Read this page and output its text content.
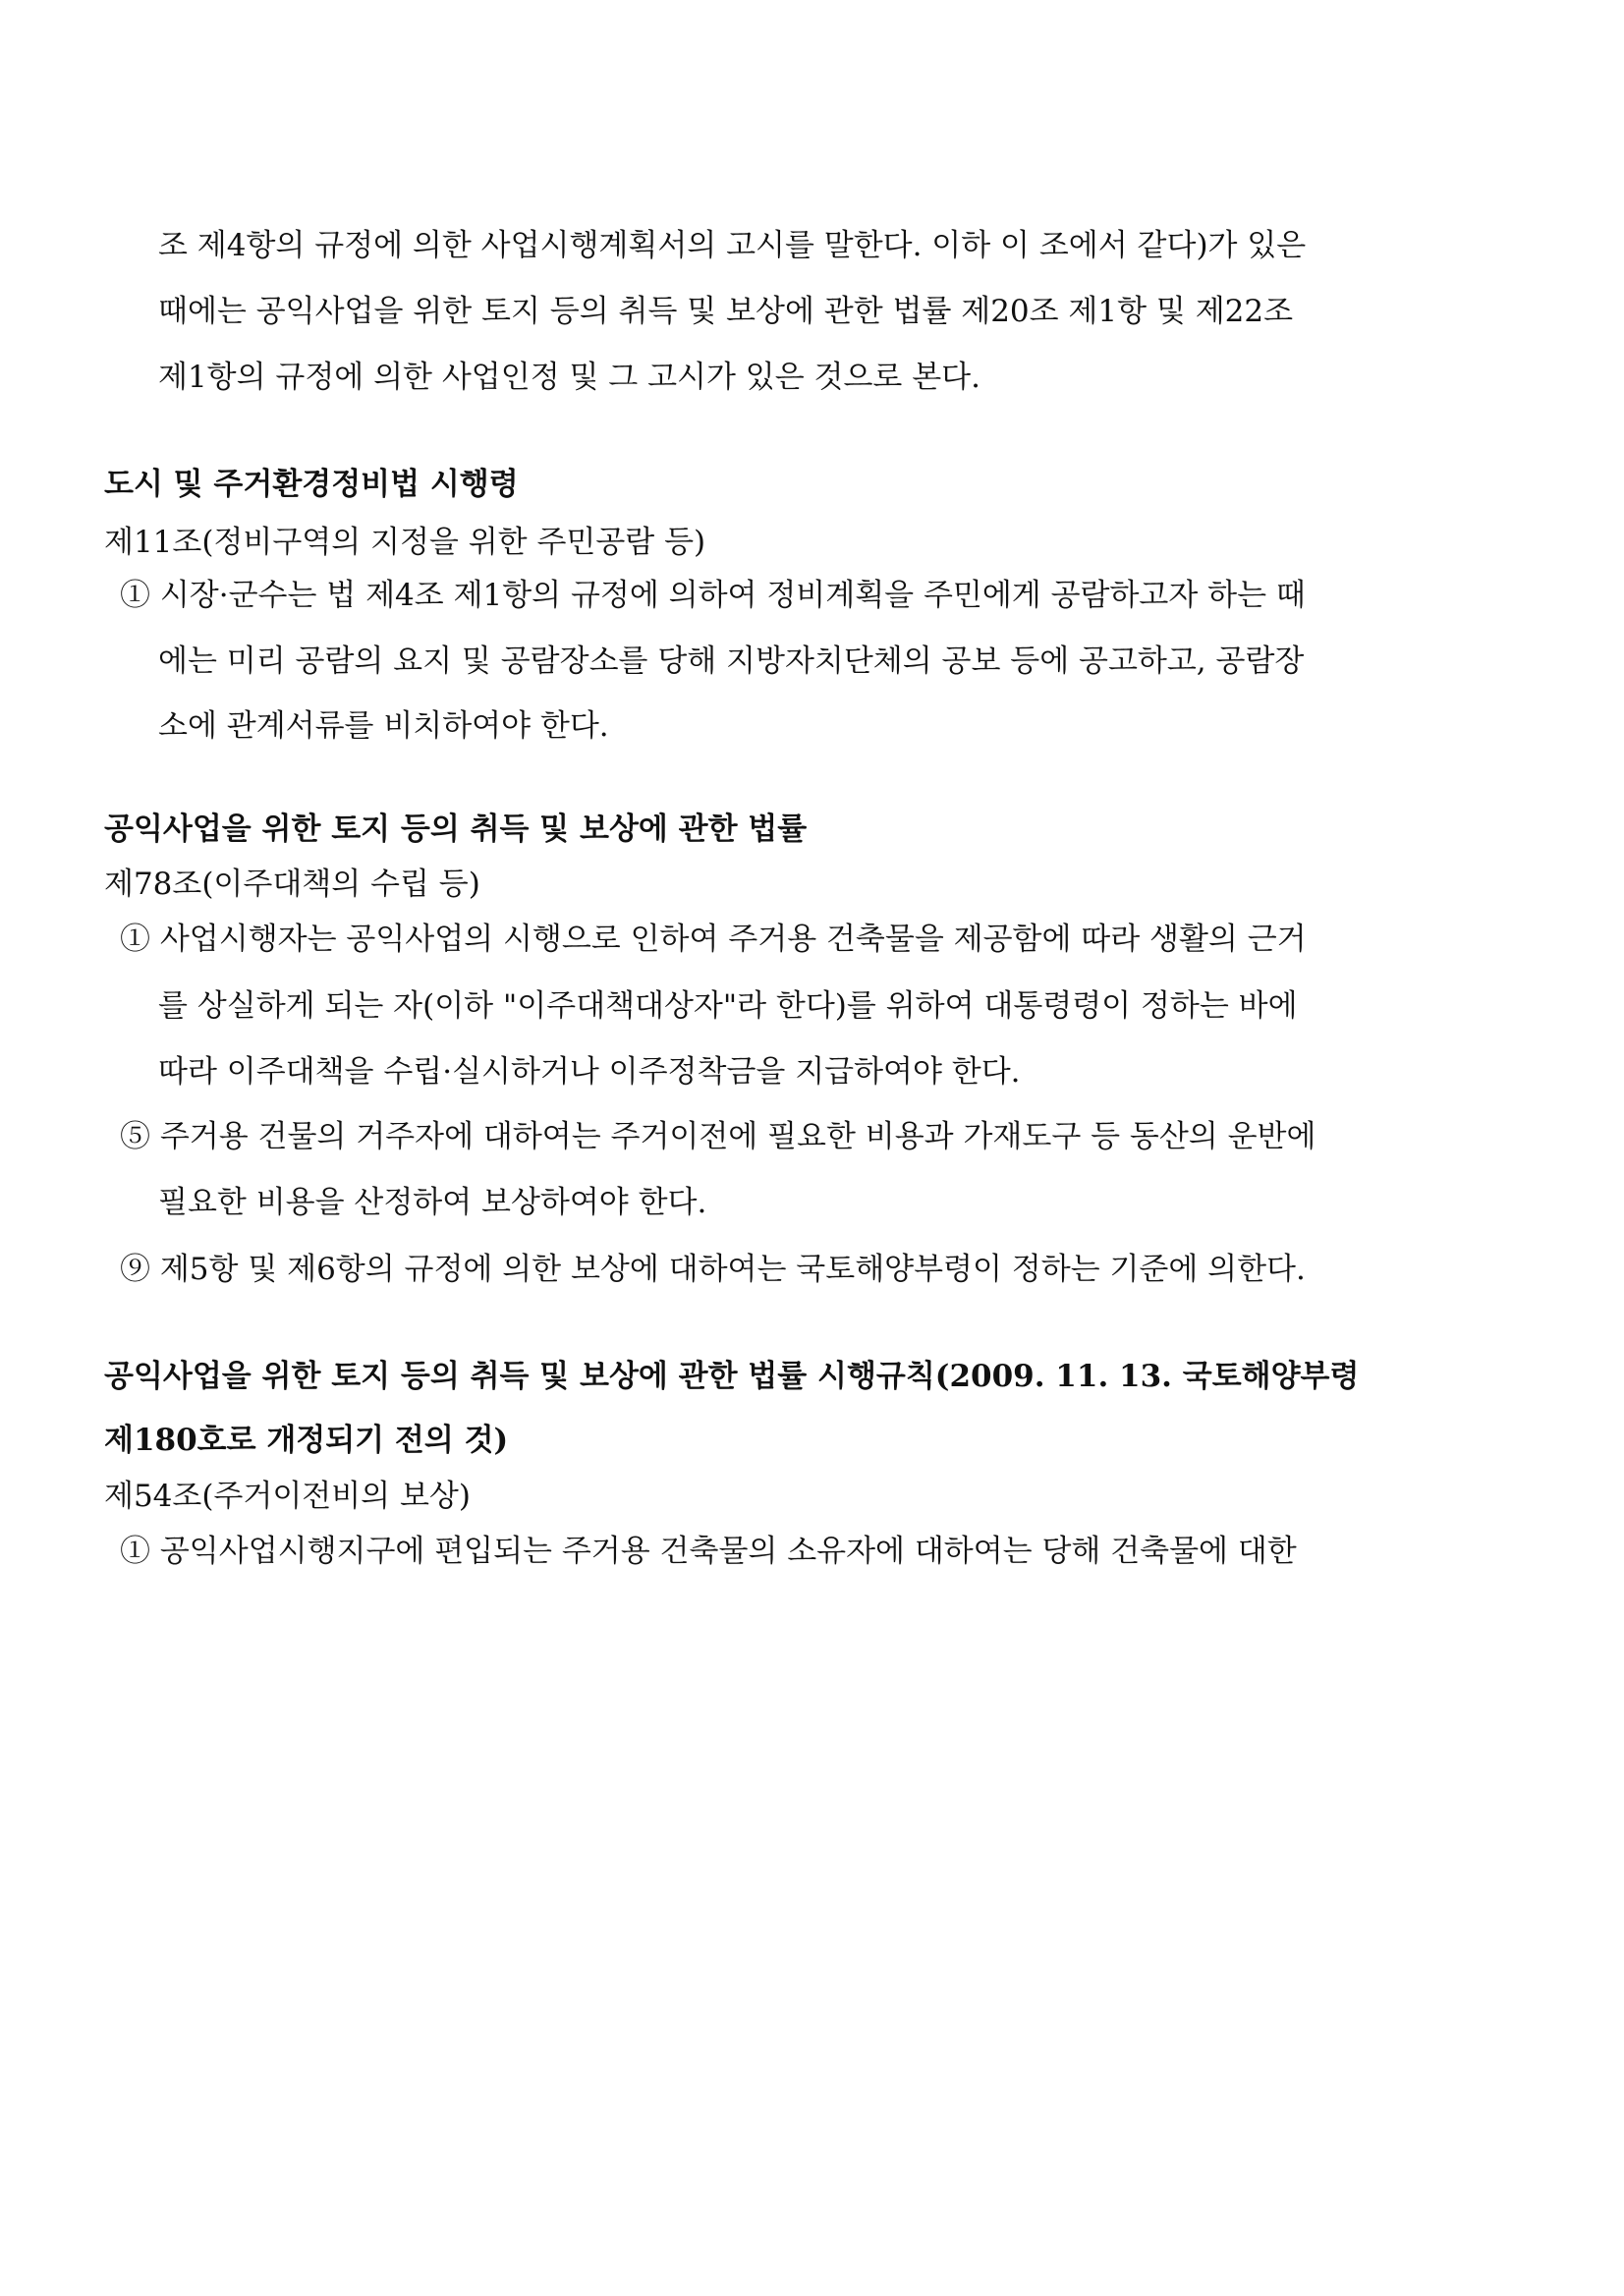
조 제4항의 규정에 의한 사업시행계획서의 고시를 말한다. 이하 이 조에서 같다)가 있은
때에는 공익사업을 위한 토지 등의 취득 및 보상에 관한 법률 제20조 제1항 및 제22조
제1항의 규정에 의한 사업인정 및 그 고시가 있은 것으로 본다.
도시 및 주거환경정비법 시행령
제11조(정비구역의 지정을 위한 주민공람 등)
① 시장·군수는 법 제4조 제1항의 규정에 의하여 정비계획을 주민에게 공람하고자 하는 때
에는 미리 공람의 요지 및 공람장소를 당해 지방자치단체의 공보 등에 공고하고, 공람장
소에 관계서류를 비치하여야 한다.
공익사업을 위한 토지 등의 취득 및 보상에 관한 법률
제78조(이주대책의 수립 등)
① 사업시행자는 공익사업의 시행으로 인하여 주거용 건축물을 제공함에 따라 생활의 근거
를 상실하게 되는 자(이하 "이주대책대상자"라 한다)를 위하여 대통령령이 정하는 바에
따라 이주대책을 수립·실시하거나 이주정착금을 지급하여야 한다.
⑤ 주거용 건물의 거주자에 대하여는 주거이전에 필요한 비용과 가재도구 등 동산의 운반에
필요한 비용을 산정하여 보상하여야 한다.
⑨ 제5항 및 제6항의 규정에 의한 보상에 대하여는 국토해양부령이 정하는 기준에 의한다.
공익사업을 위한 토지 등의 취득 및 보상에 관한 법률 시행규칙(2009. 11. 13. 국토해양부령
제180호로 개정되기 전의 것)
제54조(주거이전비의 보상)
① 공익사업시행지구에 편입되는 주거용 건축물의 소유자에 대하여는 당해 건축물에 대한
